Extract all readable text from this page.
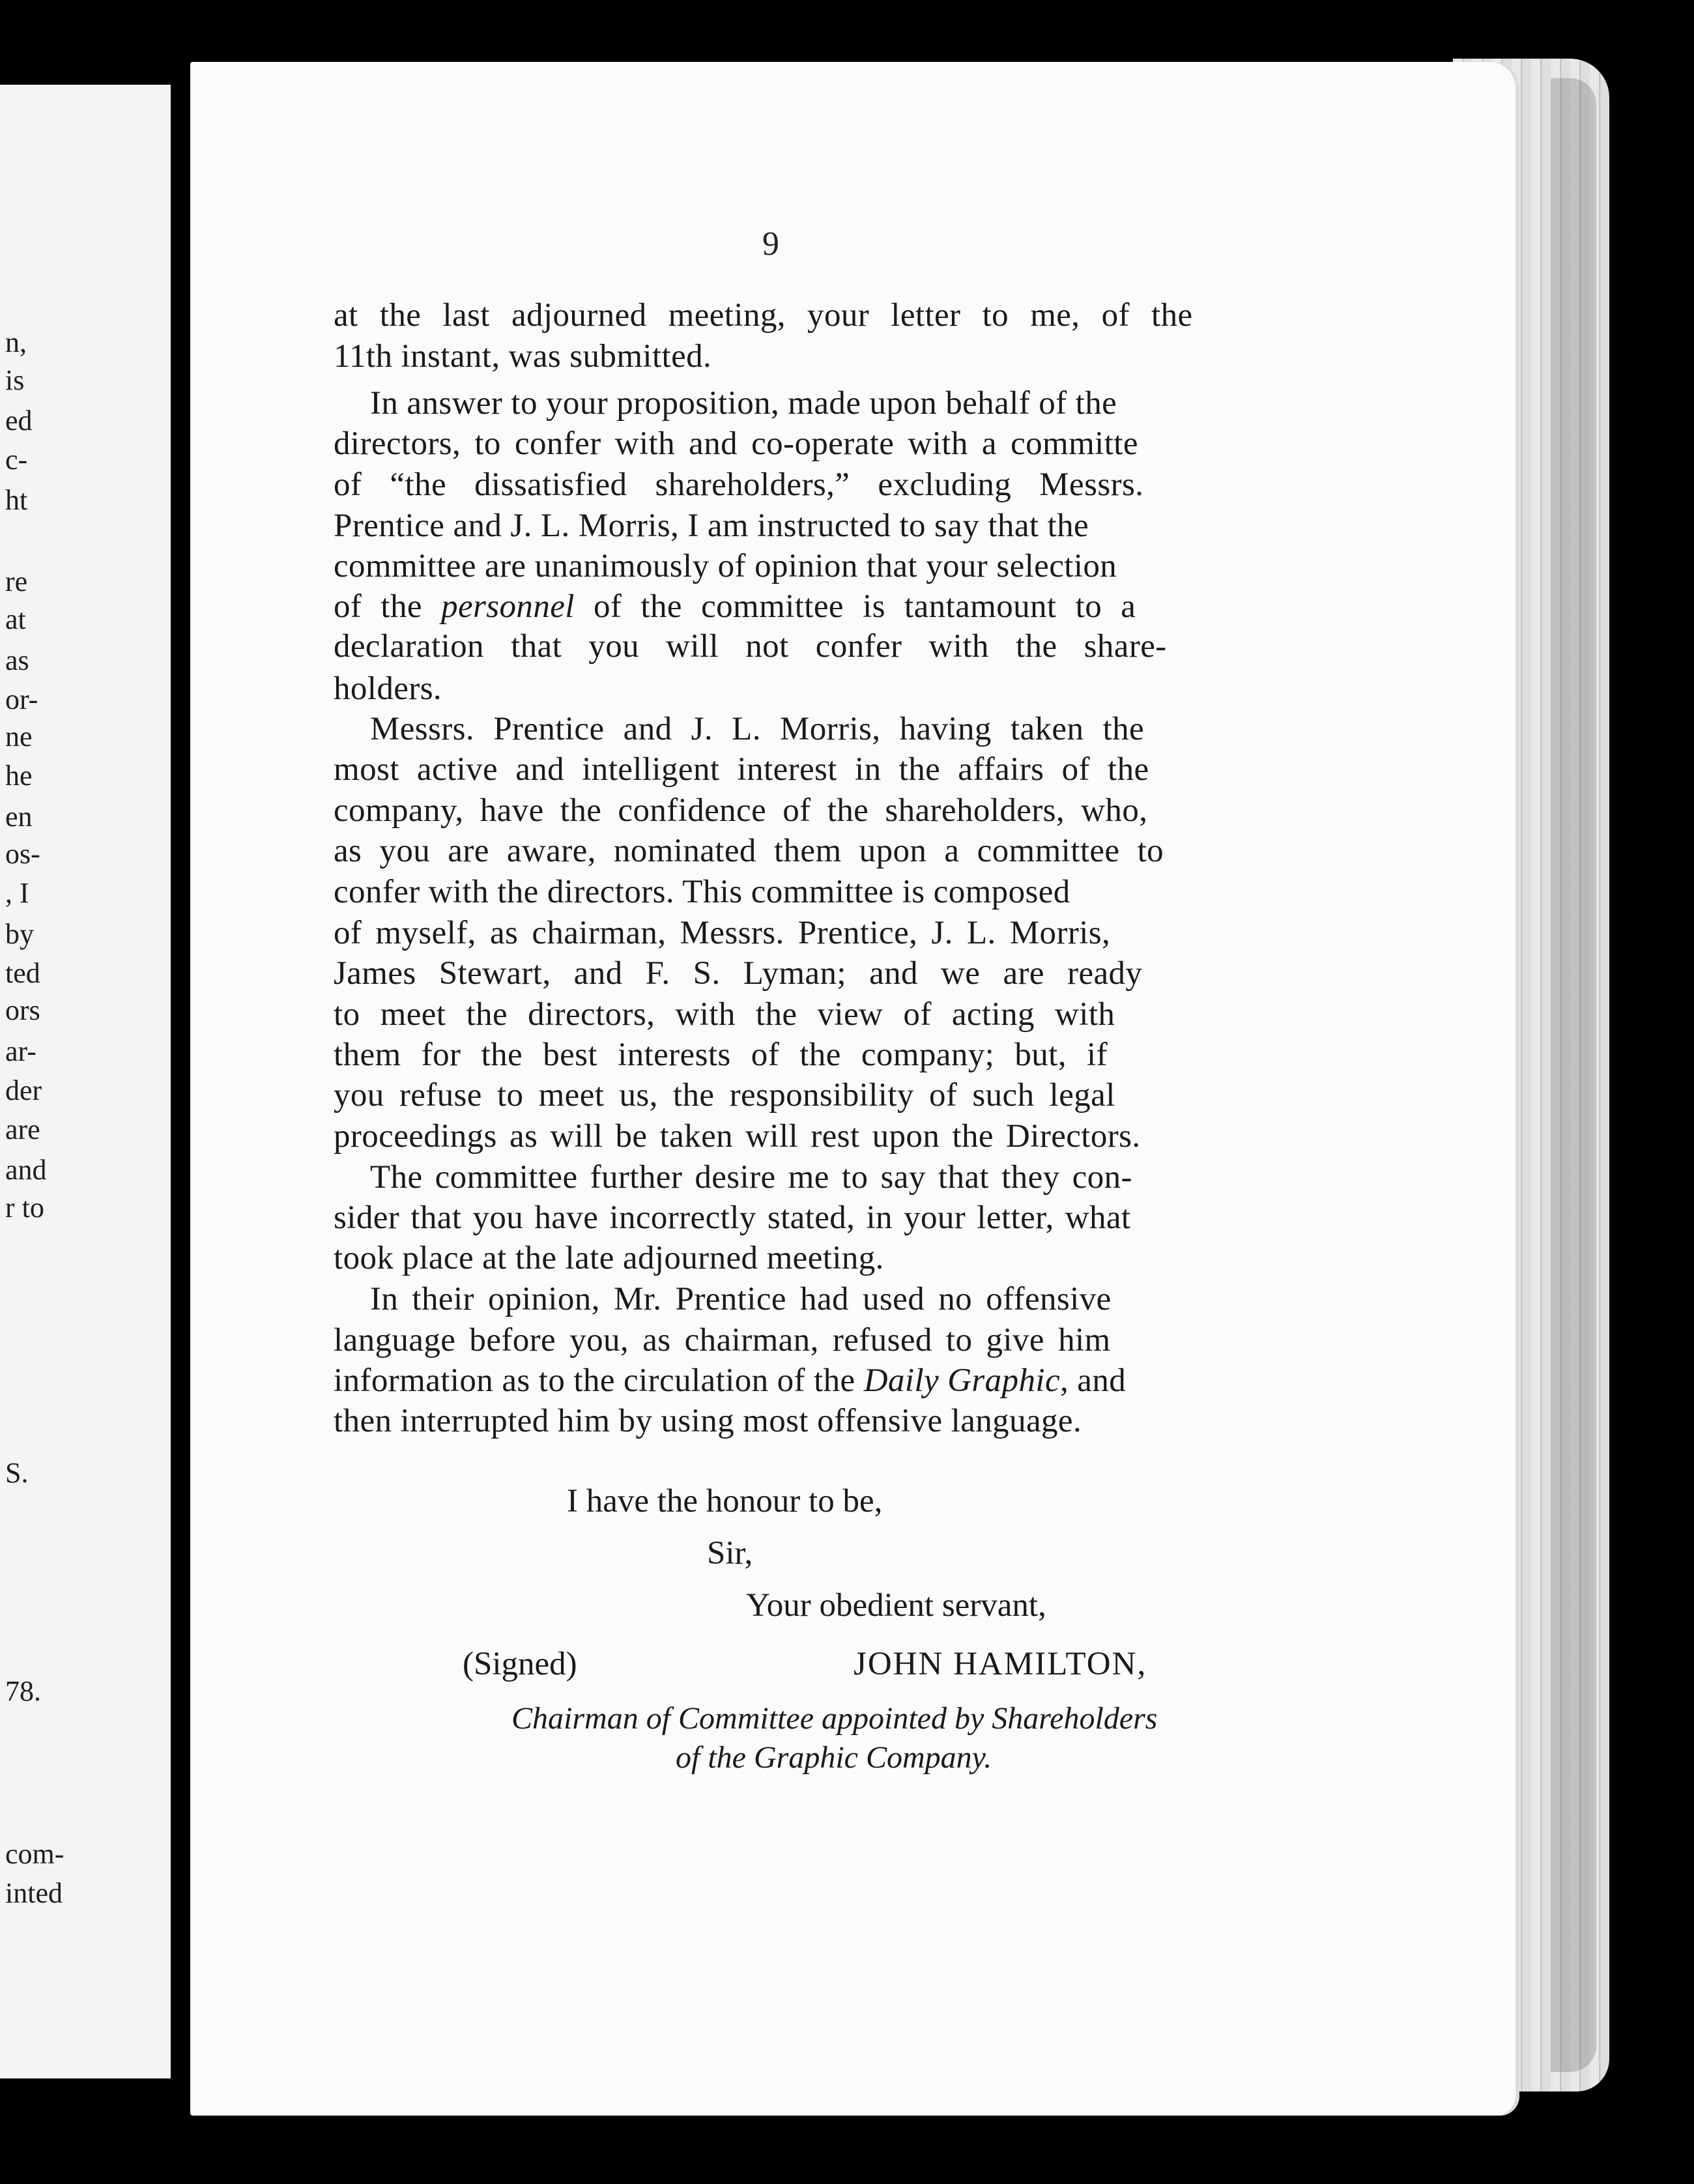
n,
is
ed
c-
ht
re
at
as
or-
ne
he
en
os-
, I
by
ted
ors
ar-
der
are
and
r to
S.
78.
com-
inted
9
at the last adjourned meeting, your letter to me, of the
11th instant, was submitted.
In answer to your proposition, made upon behalf of the
directors, to confer with and co-operate with a committe
of “the dissatisfied shareholders,” excluding Messrs.
Prentice and J. L. Morris, I am instructed to say that the
committee are unanimously of opinion that your selection
of the personnel of the committee is tantamount to a
declaration that you will not confer with the share-
holders.
Messrs. Prentice and J. L. Morris, having taken the
most active and intelligent interest in the affairs of the
company, have the confidence of the shareholders, who,
as you are aware, nominated them upon a committee to
confer with the directors. This committee is composed
of myself, as chairman, Messrs. Prentice, J. L. Morris,
James Stewart, and F. S. Lyman; and we are ready
to meet the directors, with the view of acting with
them for the best interests of the company; but, if
you refuse to meet us, the responsibility of such legal
proceedings as will be taken will rest upon the Directors.
The committee further desire me to say that they con-
sider that you have incorrectly stated, in your letter, what
took place at the late adjourned meeting.
In their opinion, Mr. Prentice had used no offensive
language before you, as chairman, refused to give him
information as to the circulation of the Daily Graphic, and
then interrupted him by using most offensive language.
I have the honour to be,
Sir,
Your obedient servant,
(Signed)	JOHN HAMILTON,
Chairman of Committee appointed by Shareholders
of the Graphic Company.
